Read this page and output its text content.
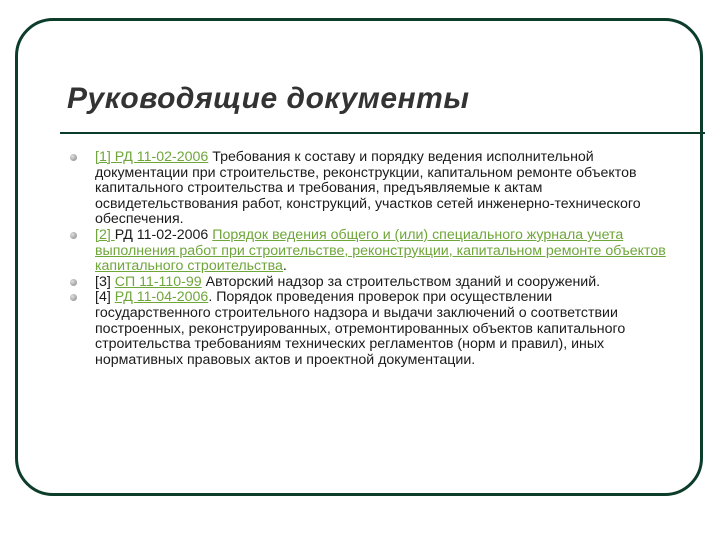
Руководящие документы
[1] РД 11-02-2006 Требования к составу и порядку ведения исполнительной документации при строительстве, реконструкции, капитальном ремонте объектов капитального строительства и требования, предъявляемые к актам освидетельствования работ, конструкций, участков сетей инженерно-технического обеспечения.
[2] РД 11-02-2006 Порядок ведения общего и (или) специального журнала учета выполнения работ при строительстве, реконструкции, капитальном ремонте объектов капитального строительства.
[3] СП 11-110-99 Авторский надзор за строительством зданий и сооружений.
[4] РД 11-04-2006. Порядок проведения проверок при осуществлении государственного строительного надзора и выдачи заключений о соответствии построенных, реконструированных, отремонтированных объектов капитального строительства требованиям технических регламентов (норм и правил), иных нормативных правовых актов и проектной документации.
